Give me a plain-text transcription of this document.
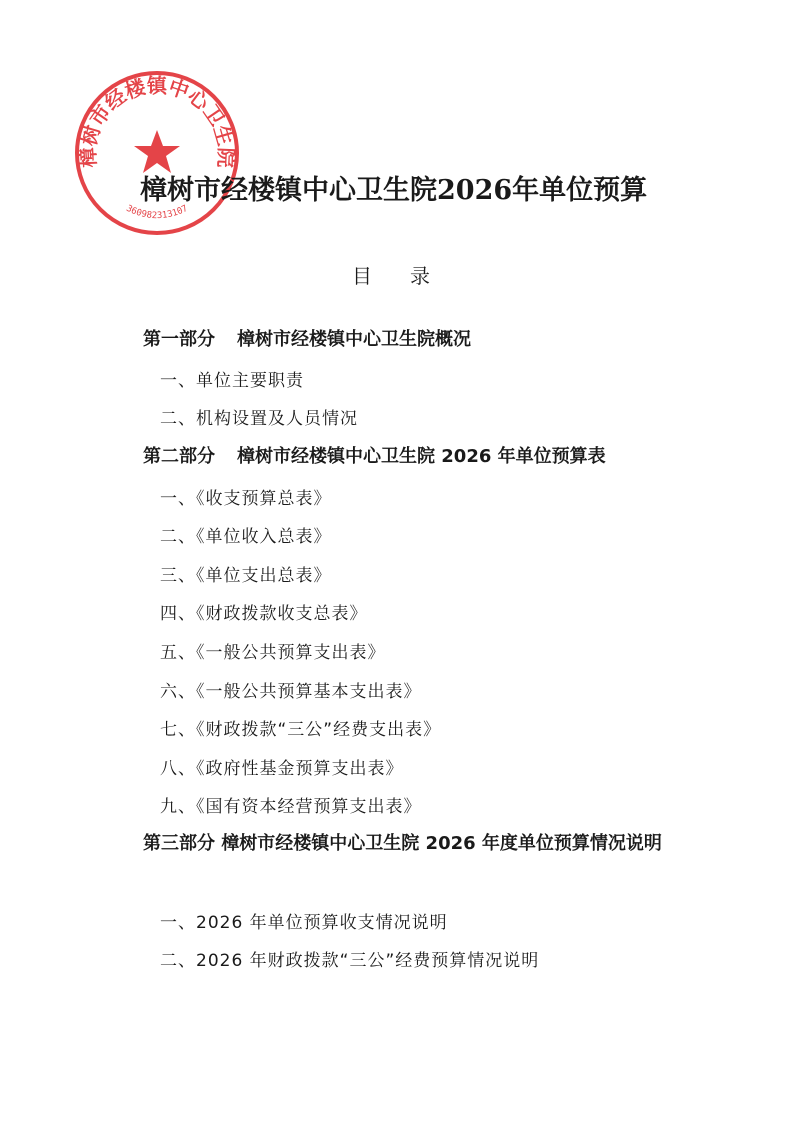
樟树市经楼镇中心卫生院
360982313107
樟树市经楼镇中心卫生院2026年单位预算
目 录
第一部分 樟树市经楼镇中心卫生院概况
一、单位主要职责
二、机构设置及人员情况
第二部分 樟树市经楼镇中心卫生院 2026 年单位预算表
一、《收支预算总表》
二、《单位收入总表》
三、《单位支出总表》
四、《财政拨款收支总表》
五、《一般公共预算支出表》
六、《一般公共预算基本支出表》
七、《财政拨款“三公”经费支出表》
八、《政府性基金预算支出表》
九、《国有资本经营预算支出表》
第三部分 樟树市经楼镇中心卫生院 2026 年度单位预算情况说明
一、2026 年单位预算收支情况说明
二、2026 年财政拨款“三公”经费预算情况说明
